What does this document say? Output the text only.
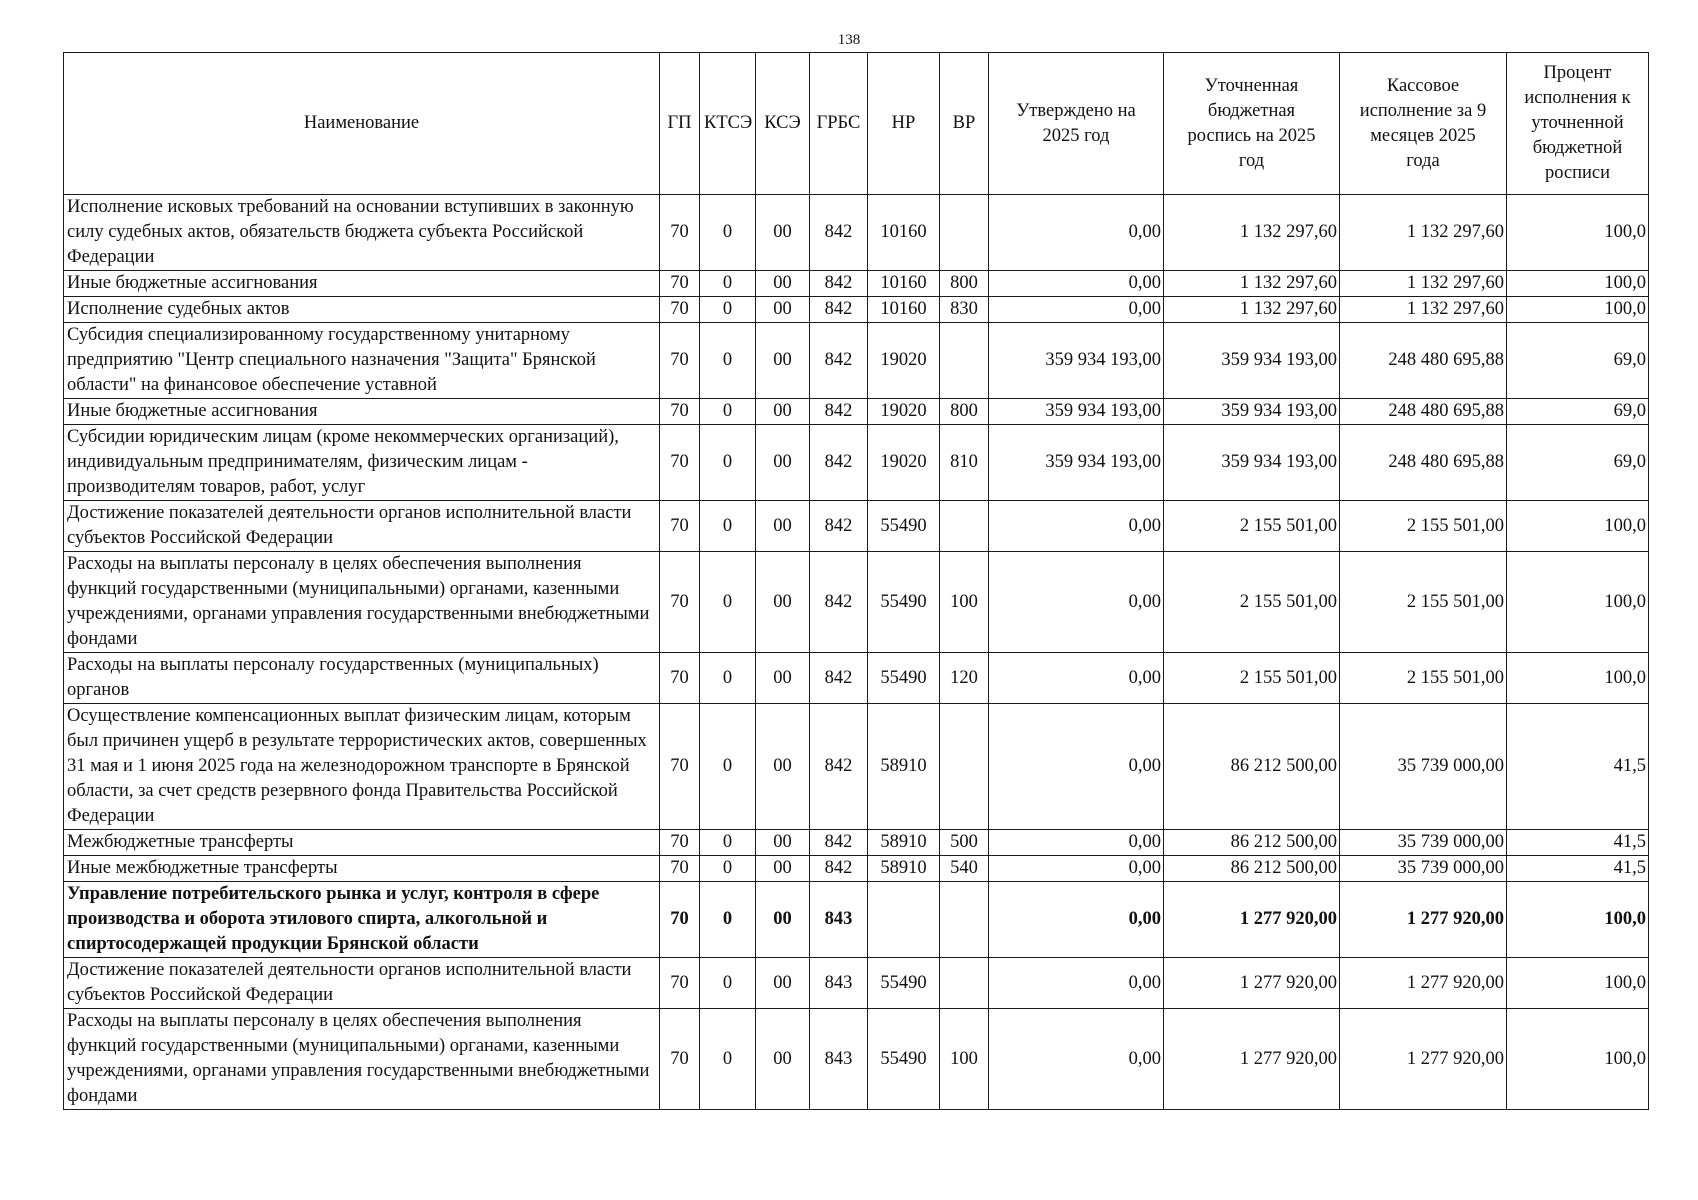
138
Наименование	ГП	КТСЭ	КСЭ	ГРБС	НР	ВР	Утверждено на 2025 год	Уточненная бюджетная роспись на 2025 год	Кассовое исполнение за 9 месяцев 2025 года	Процент исполнения к уточненной бюджетной росписи
Исполнение исковых требований на основании вступивших в законную силу судебных актов, обязательств бюджета субъекта Российской Федерации	70	0	00	842	10160		0,00	1 132 297,60	1 132 297,60	100,0
Иные бюджетные ассигнования	70	0	00	842	10160	800	0,00	1 132 297,60	1 132 297,60	100,0
Исполнение судебных актов	70	0	00	842	10160	830	0,00	1 132 297,60	1 132 297,60	100,0
Субсидия специализированному государственному унитарному предприятию "Центр специального назначения "Защита" Брянской области" на финансовое обеспечение уставной	70	0	00	842	19020		359 934 193,00	359 934 193,00	248 480 695,88	69,0
Иные бюджетные ассигнования	70	0	00	842	19020	800	359 934 193,00	359 934 193,00	248 480 695,88	69,0
Субсидии юридическим лицам (кроме некоммерческих организаций), индивидуальным предпринимателям, физическим лицам - производителям товаров, работ, услуг	70	0	00	842	19020	810	359 934 193,00	359 934 193,00	248 480 695,88	69,0
Достижение показателей деятельности органов исполнительной власти субъектов Российской Федерации	70	0	00	842	55490		0,00	2 155 501,00	2 155 501,00	100,0
Расходы на выплаты персоналу в целях обеспечения выполнения функций государственными (муниципальными) органами, казенными учреждениями, органами управления государственными внебюджетными фондами	70	0	00	842	55490	100	0,00	2 155 501,00	2 155 501,00	100,0
Расходы на выплаты персоналу государственных (муниципальных) органов	70	0	00	842	55490	120	0,00	2 155 501,00	2 155 501,00	100,0
Осуществление компенсационных выплат физическим лицам, которым был причинен ущерб в результате террористических актов, совершенных 31 мая и 1 июня 2025 года на железнодорожном транспорте в Брянской области, за счет средств резервного фонда Правительства Российской Федерации	70	0	00	842	58910		0,00	86 212 500,00	35 739 000,00	41,5
Межбюджетные трансферты	70	0	00	842	58910	500	0,00	86 212 500,00	35 739 000,00	41,5
Иные межбюджетные трансферты	70	0	00	842	58910	540	0,00	86 212 500,00	35 739 000,00	41,5
Управление потребительского рынка и услуг, контроля в сфере производства и оборота этилового спирта, алкогольной и спиртосодержащей продукции Брянской области	70	0	00	843			0,00	1 277 920,00	1 277 920,00	100,0
Достижение показателей деятельности органов исполнительной власти субъектов Российской Федерации	70	0	00	843	55490		0,00	1 277 920,00	1 277 920,00	100,0
Расходы на выплаты персоналу в целях обеспечения выполнения функций государственными (муниципальными) органами, казенными учреждениями, органами управления государственными внебюджетными фондами	70	0	00	843	55490	100	0,00	1 277 920,00	1 277 920,00	100,0
